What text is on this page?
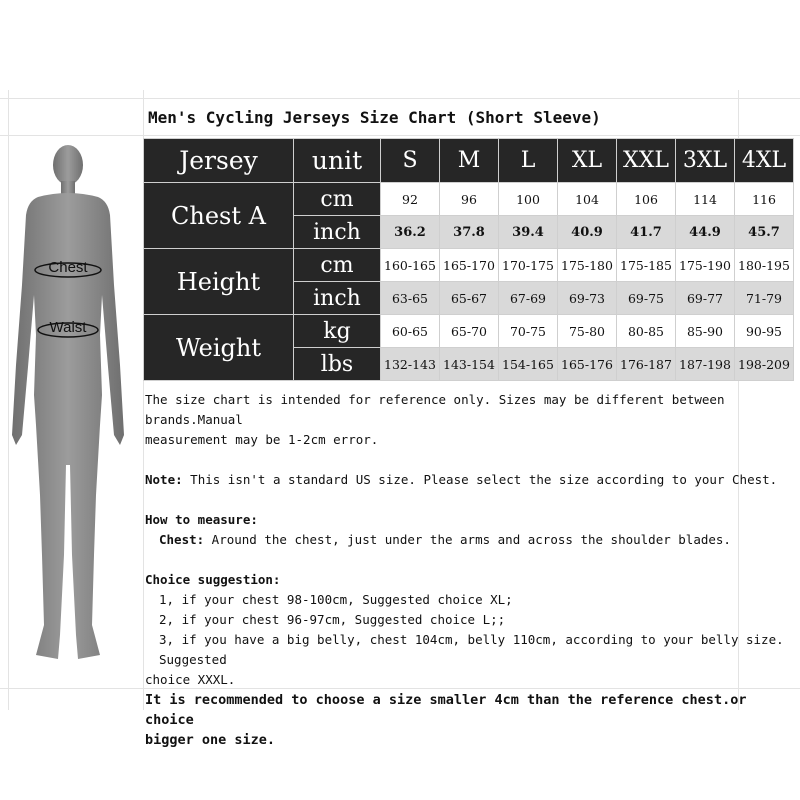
Chest
Waist
Men's Cycling Jerseys Size Chart (Short Sleeve)
Jersey	unit	S	M	L	XL	XXL	3XL	4XL
Chest A	cm	92	96	100	104	106	114	116
	inch	36.2	37.8	39.4	40.9	41.7	44.9	45.7
Height	cm	160-165	165-170	170-175	175-180	175-185	175-190	180-195
	inch	63-65	65-67	67-69	69-73	69-75	69-77	71-79
Weight	kg	60-65	65-70	70-75	75-80	80-85	85-90	90-95
	lbs	132-143	143-154	154-165	165-176	176-187	187-198	198-209

The size chart is intended for reference only. Sizes may be different between brands.Manual

measurement may be 1-2cm error.

Note: This isn't a standard US size. Please select the size according to your Chest.

How to measure:

Chest: Around the chest, just under the arms and across the shoulder blades.

Choice suggestion:

1, if your chest 98-100cm, Suggested choice XL;

2, if your chest 96-97cm, Suggested choice L;;

3, if you have a big belly, chest 104cm, belly 110cm, according to your belly size. Suggested

choice XXXL.

It is recommended to choose a size smaller 4cm than the reference chest.or choice

bigger one size.
